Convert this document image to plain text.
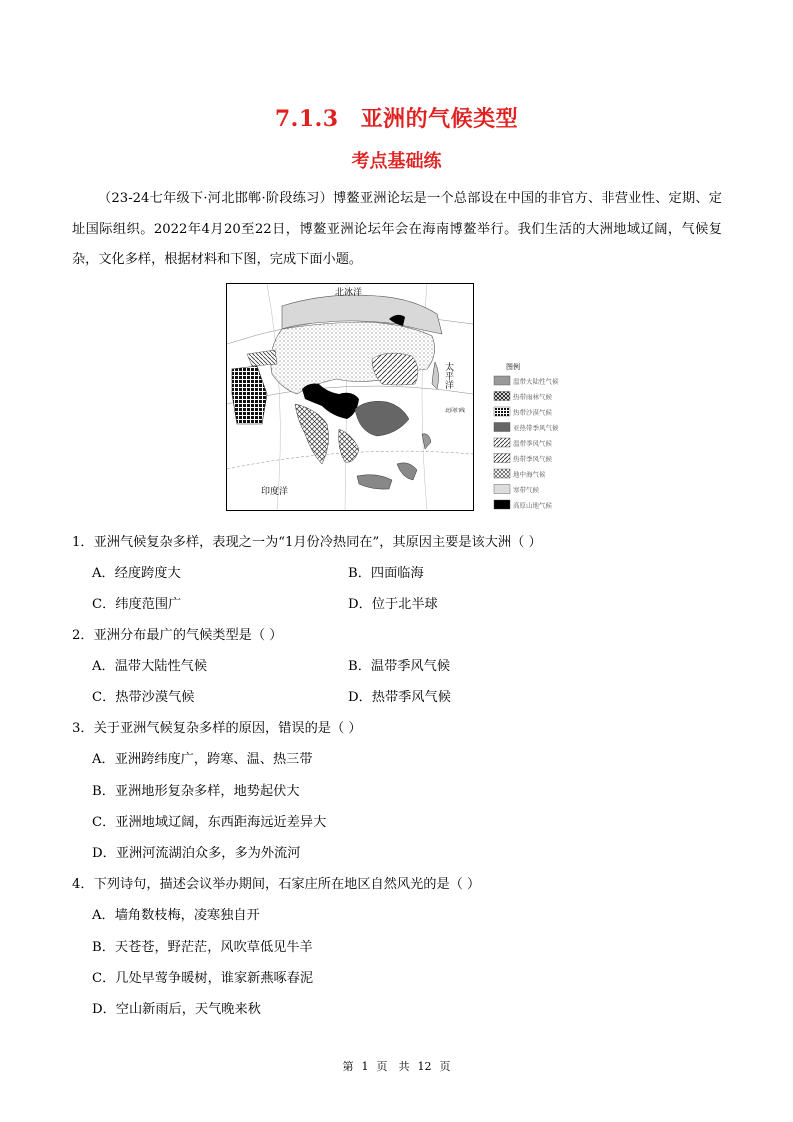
7.1.3 亚洲的气候类型
考点基础练
（23-24七年级下·河北邯郸·阶段练习）博鳌亚洲论坛是一个总部设在中国的非官方、非营业性、定期、定址国际组织。2022年4月20至22日，博鳌亚洲论坛年会在海南博鳌举行。我们生活的大洲地域辽阔，气候复杂，文化多样，根据材料和下图，完成下面小题。
北冰洋
太平洋
印度洋
北回归线
图例
温带大陆性气候
热带雨林气候
热带沙漠气候
亚热带季风气候
温带季风气候
热带季风气候
地中海气候
寒带气候
高原山地气候
1．亚洲气候复杂多样，表现之一为“1月份冷热同在”，其原因主要是该大洲（ ）
A．经度跨度大	B．四面临海
C．纬度范围广	D．位于北半球
2．亚洲分布最广的气候类型是（ ）
A．温带大陆性气候	B．温带季风气候
C．热带沙漠气候	D．热带季风气候
3．关于亚洲气候复杂多样的原因，错误的是（ ）
A．亚洲跨纬度广，跨寒、温、热三带
B．亚洲地形复杂多样，地势起伏大
C．亚洲地域辽阔，东西距海远近差异大
D．亚洲河流湖泊众多，多为外流河
4．下列诗句，描述会议举办期间，石家庄所在地区自然风光的是（ ）
A．墙角数枝梅，凌寒独自开
B．天苍苍，野茫茫，风吹草低见牛羊
C．几处早莺争暖树，谁家新燕啄春泥
D．空山新雨后，天气晚来秋
第 1 页　共 12 页
